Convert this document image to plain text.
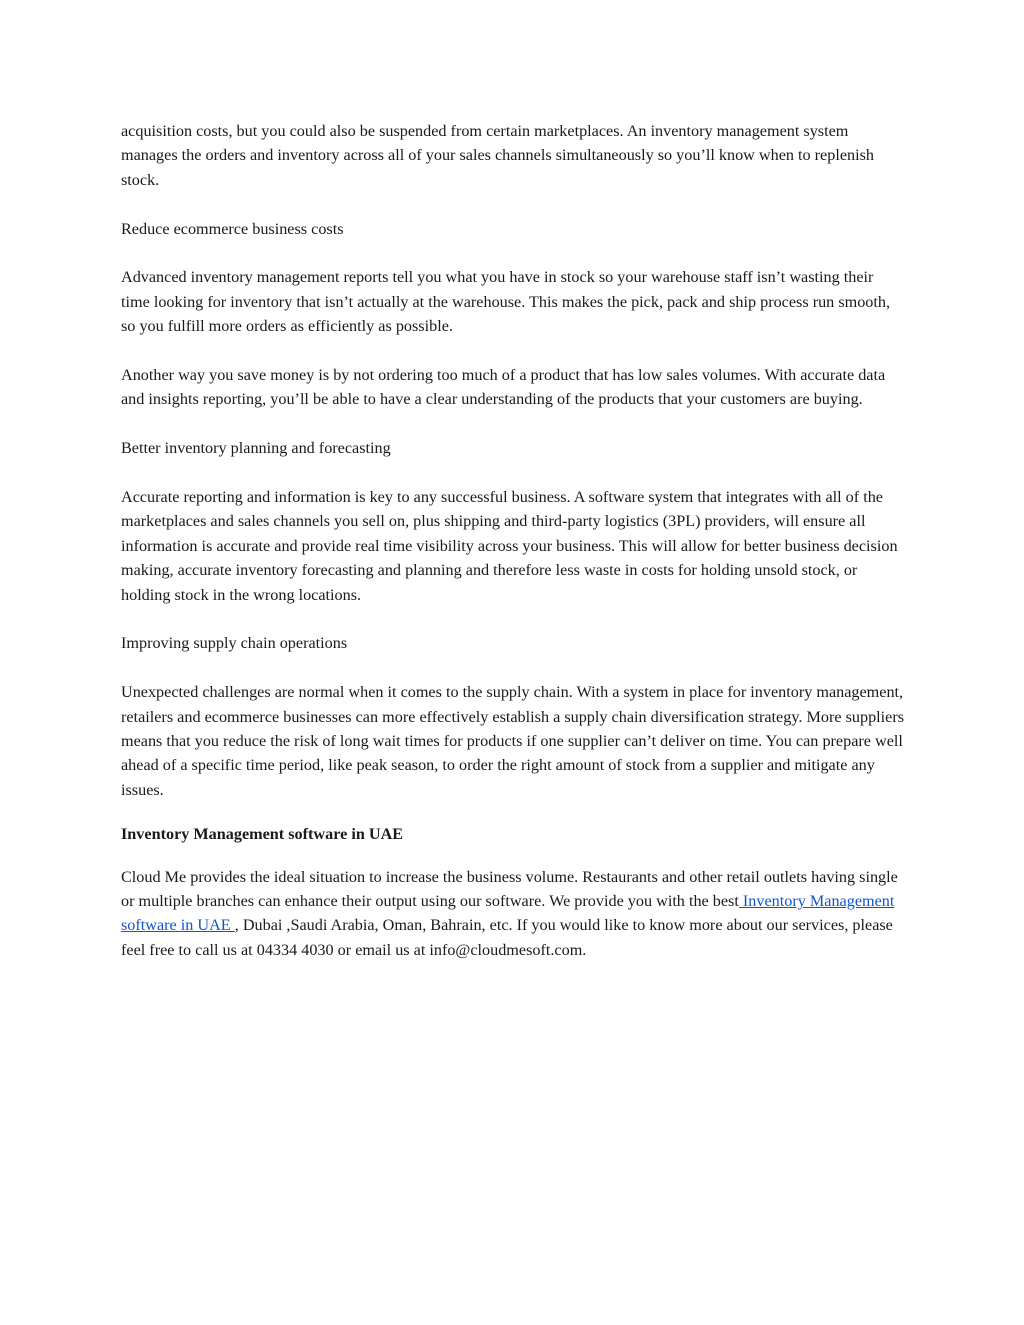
acquisition costs, but you could also be suspended from certain marketplaces. An inventory management system manages the orders and inventory across all of your sales channels simultaneously so you’ll know when to replenish stock.

Reduce ecommerce business costs

Advanced inventory management reports tell you what you have in stock so your warehouse staff isn’t wasting their time looking for inventory that isn’t actually at the warehouse. This makes the pick, pack and ship process run smooth, so you fulfill more orders as efficiently as possible.

Another way you save money is by not ordering too much of a product that has low sales volumes. With accurate data and insights reporting, you’ll be able to have a clear understanding of the products that your customers are buying.

Better inventory planning and forecasting

Accurate reporting and information is key to any successful business. A software system that integrates with all of the marketplaces and sales channels you sell on, plus shipping and third-party logistics (3PL) providers, will ensure all information is accurate and provide real time visibility across your business. This will allow for better business decision making, accurate inventory forecasting and planning and therefore less waste in costs for holding unsold stock, or holding stock in the wrong locations.

Improving supply chain operations

Unexpected challenges are normal when it comes to the supply chain. With a system in place for inventory management, retailers and ecommerce businesses can more effectively establish a supply chain diversification strategy. More suppliers means that you reduce the risk of long wait times for products if one supplier can’t deliver on time. You can prepare well ahead of a specific time period, like peak season, to order the right amount of stock from a supplier and mitigate any issues.

Inventory Management software in UAE

Cloud Me provides the ideal situation to increase the business volume. Restaurants and other retail outlets having single or multiple branches can enhance their output using our software. We provide you with the best Inventory Management software in UAE , Dubai ,Saudi Arabia, Oman, Bahrain, etc. If you would like to know more about our services, please feel free to call us at 04334 4030 or email us at info@cloudmesoft.com.
